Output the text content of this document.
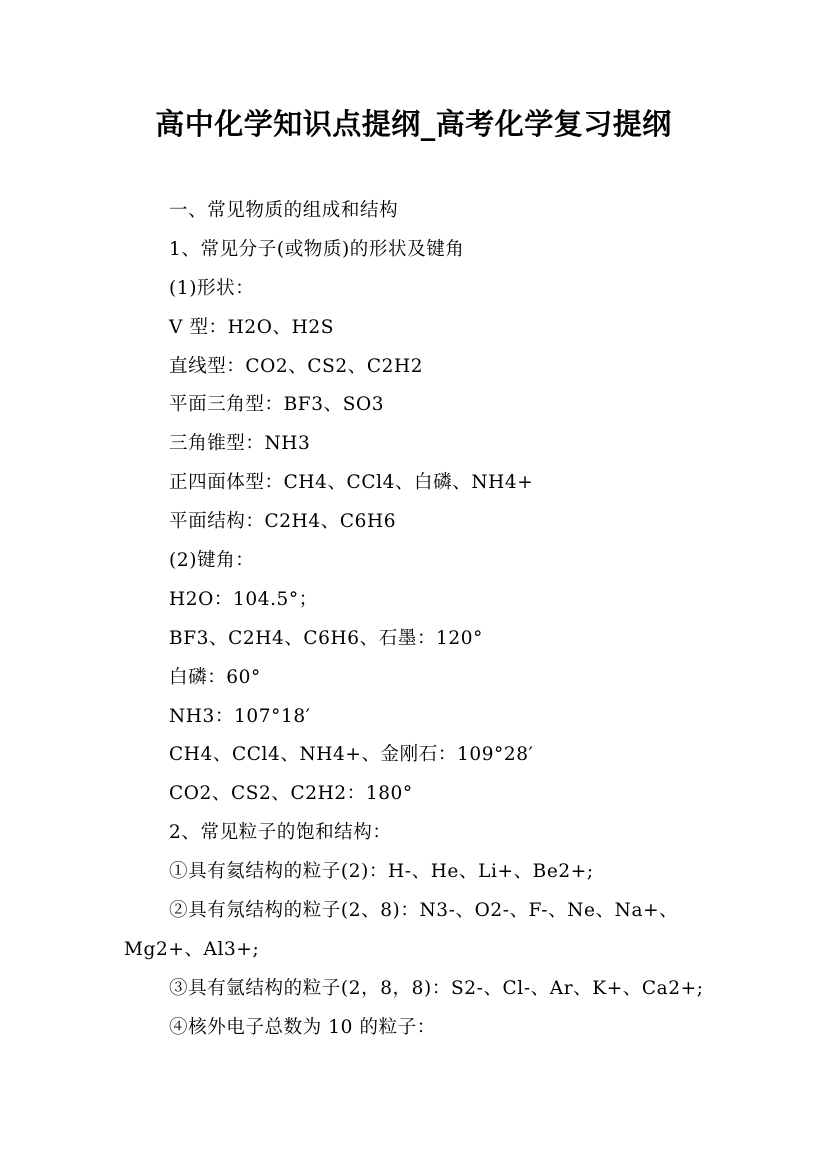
高中化学知识点提纲_高考化学复习提纲
一、常见物质的组成和结构
1、常见分子(或物质)的形状及键角
(1)形状：
V 型：H2O、H2S
直线型：CO2、CS2、C2H2
平面三角型：BF3、SO3
三角锥型：NH3
正四面体型：CH4、CCl4、白磷、NH4+
平面结构：C2H4、C6H6
(2)键角：
H2O：104.5°；
BF3、C2H4、C6H6、石墨：120°
白磷：60°
NH3：107°18′
CH4、CCl4、NH4+、金刚石：109°28′
CO2、CS2、C2H2：180°
2、常见粒子的饱和结构：
①具有氦结构的粒子(2)：H-、He、Li+、Be2+;
②具有氖结构的粒子(2、8)：N3-、O2-、F-、Ne、Na+、
Mg2+、Al3+;
③具有氩结构的粒子(2，8，8)：S2-、Cl-、Ar、K+、Ca2+;
④核外电子总数为 10 的粒子：
